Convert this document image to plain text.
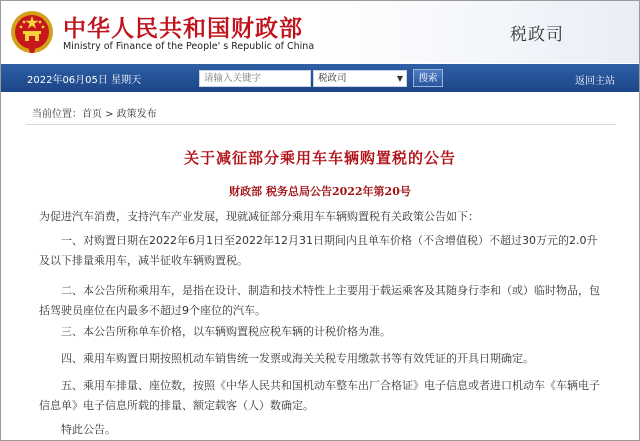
中华人民共和国财政部
Ministry of Finance of the People' s Republic of China
税政司
2022年06月05日 星期天
请输入关键字	税政司	▼	搜索	返回主站
当前位置：首页 > 政策发布
关于减征部分乘用车车辆购置税的公告
财政部 税务总局公告2022年第20号
为促进汽车消费，支持汽车产业发展，现就减征部分乘用车车辆购置税有关政策公告如下：
一、对购置日期在2022年6月1日至2022年12月31日期间内且单车价格（不含增值税）不超过30万元的2.0升及以下排量乘用车，减半征收车辆购置税。
二、本公告所称乘用车，是指在设计、制造和技术特性上主要用于载运乘客及其随身行李和（或）临时物品，包括驾驶员座位在内最多不超过9个座位的汽车。
三、本公告所称单车价格，以车辆购置税应税车辆的计税价格为准。
四、乘用车购置日期按照机动车销售统一发票或海关关税专用缴款书等有效凭证的开具日期确定。
五、乘用车排量、座位数，按照《中华人民共和国机动车整车出厂合格证》电子信息或者进口机动车《车辆电子信息单》电子信息所载的排量、额定载客（人）数确定。
特此公告。
